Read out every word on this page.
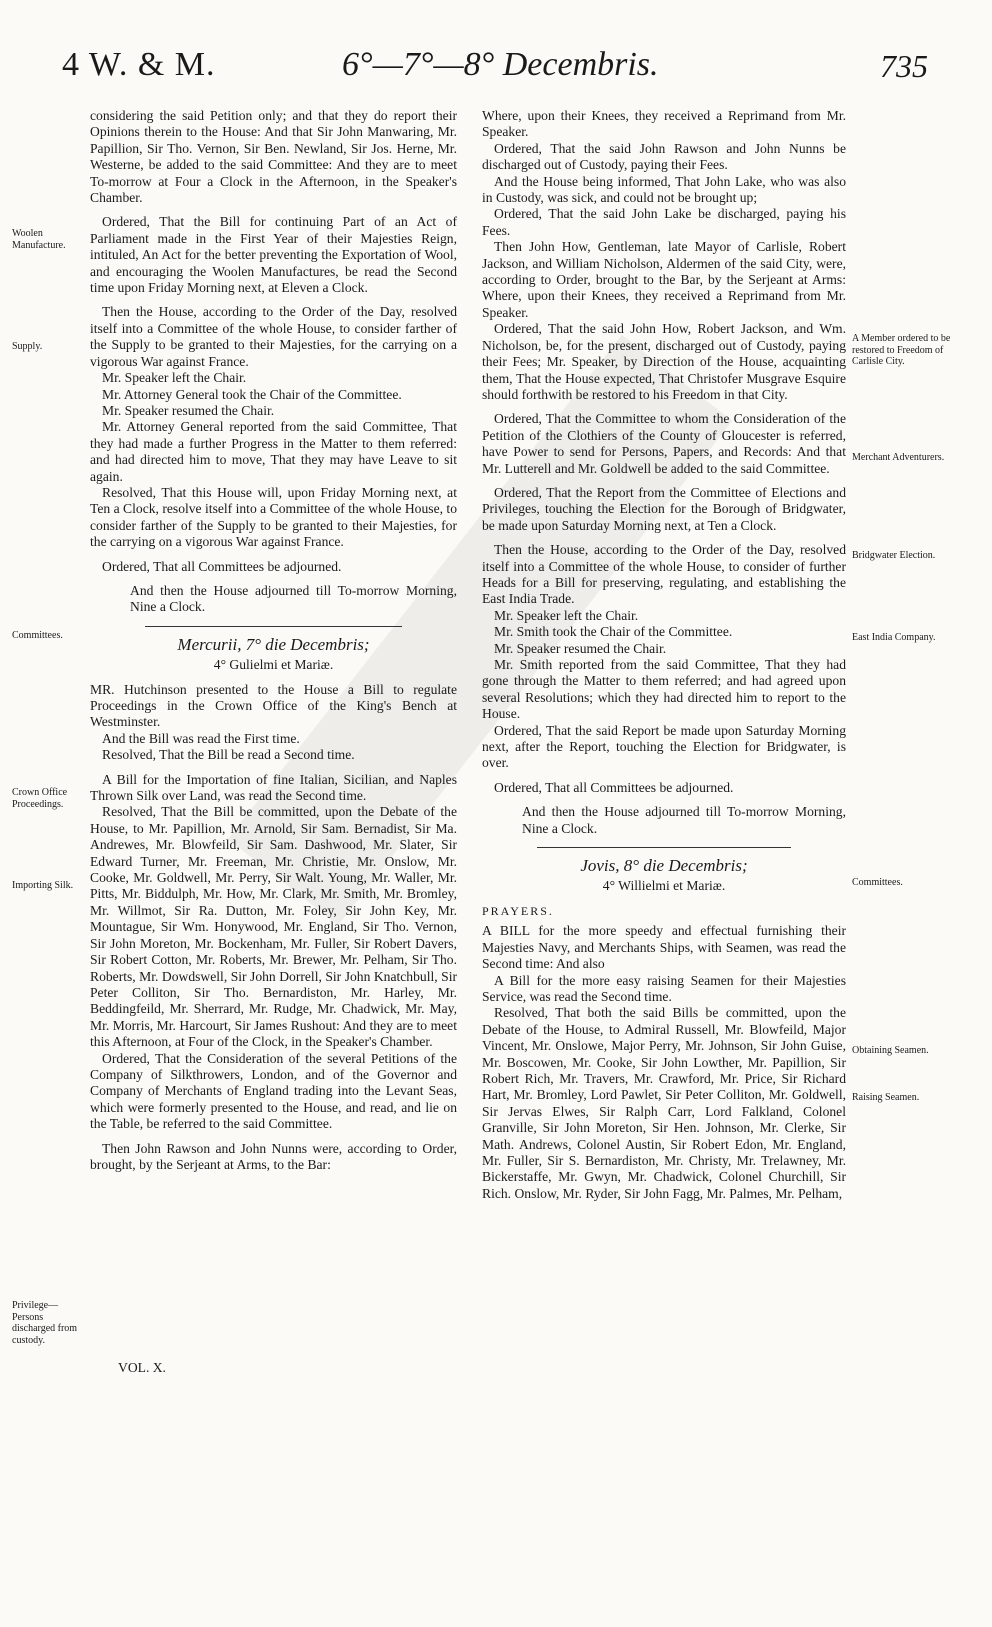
4 W. & M.	6°—7°—8° Decembris.	735
Woolen Manufacture.
Supply.
Committees.
Crown Office Proceedings.
Importing Silk.
Privilege—Persons discharged from custody.
A Member ordered to be restored to Freedom of Carlisle City.
Merchant Adventurers.
Bridgwater Election.
East India Company.
Committees.
Obtaining Seamen.
Raising Seamen.

considering the said Petition only; and that they do report their Opinions therein to the House: And that Sir John Manwaring, Mr. Papillion, Sir Tho. Vernon, Sir Ben. Newland, Sir Jos. Herne, Mr. Westerne, be added to the said Committee: And they are to meet To-morrow at Four a Clock in the Afternoon, in the Speaker's Chamber.

Ordered, That the Bill for continuing Part of an Act of Parliament made in the First Year of their Majesties Reign, intituled, An Act for the better preventing the Exportation of Wool, and encouraging the Woolen Manufactures, be read the Second time upon Friday Morning next, at Eleven a Clock.

Then the House, according to the Order of the Day, resolved itself into a Committee of the whole House, to consider farther of the Supply to be granted to their Majesties, for the carrying on a vigorous War against France.

Mr. Speaker left the Chair.

Mr. Attorney General took the Chair of the Committee.

Mr. Speaker resumed the Chair.

Mr. Attorney General reported from the said Committee, That they had made a further Progress in the Matter to them referred: and had directed him to move, That they may have Leave to sit again.

Resolved, That this House will, upon Friday Morning next, at Ten a Clock, resolve itself into a Committee of the whole House, to consider farther of the Supply to be granted to their Majesties, for the carrying on a vigorous War against France.

Ordered, That all Committees be adjourned.

And then the House adjourned till To-morrow Morning, Nine a Clock.

Mercurii, 7° die Decembris;
4° Gulielmi et Mariæ.

MR. Hutchinson presented to the House a Bill to regulate Proceedings in the Crown Office of the King's Bench at Westminster.

And the Bill was read the First time.

Resolved, That the Bill be read a Second time.

A Bill for the Importation of fine Italian, Sicilian, and Naples Thrown Silk over Land, was read the Second time.

Resolved, That the Bill be committed, upon the Debate of the House, to Mr. Papillion, Mr. Arnold, Sir Sam. Bernadist, Sir Ma. Andrewes, Mr. Blowfeild, Sir Sam. Dashwood, Mr. Slater, Sir Edward Turner, Mr. Freeman, Mr. Christie, Mr. Onslow, Mr. Cooke, Mr. Goldwell, Mr. Perry, Sir Walt. Young, Mr. Waller, Mr. Pitts, Mr. Biddulph, Mr. How, Mr. Clark, Mr. Smith, Mr. Bromley, Mr. Willmot, Sir Ra. Dutton, Mr. Foley, Sir John Key, Mr. Mountague, Sir Wm. Honywood, Mr. England, Sir Tho. Vernon, Sir John Moreton, Mr. Bockenham, Mr. Fuller, Sir Robert Davers, Sir Robert Cotton, Mr. Roberts, Mr. Brewer, Mr. Pelham, Sir Tho. Roberts, Mr. Dowdswell, Sir John Dorrell, Sir John Knatchbull, Sir Peter Colliton, Sir Tho. Bernardiston, Mr. Harley, Mr. Beddingfeild, Mr. Sherrard, Mr. Rudge, Mr. Chadwick, Mr. May, Mr. Morris, Mr. Harcourt, Sir James Rushout: And they are to meet this Afternoon, at Four of the Clock, in the Speaker's Chamber.

Ordered, That the Consideration of the several Petitions of the Company of Silkthrowers, London, and of the Governor and Company of Merchants of England trading into the Levant Seas, which were formerly presented to the House, and read, and lie on the Table, be referred to the said Committee.

Then John Rawson and John Nunns were, according to Order, brought, by the Serjeant at Arms, to the Bar:

Where, upon their Knees, they received a Reprimand from Mr. Speaker.

Ordered, That the said John Rawson and John Nunns be discharged out of Custody, paying their Fees.

And the House being informed, That John Lake, who was also in Custody, was sick, and could not be brought up;

Ordered, That the said John Lake be discharged, paying his Fees.

Then John How, Gentleman, late Mayor of Carlisle, Robert Jackson, and William Nicholson, Aldermen of the said City, were, according to Order, brought to the Bar, by the Serjeant at Arms: Where, upon their Knees, they received a Reprimand from Mr. Speaker.

Ordered, That the said John How, Robert Jackson, and Wm. Nicholson, be, for the present, discharged out of Custody, paying their Fees; Mr. Speaker, by Direction of the House, acquainting them, That the House expected, That Christofer Musgrave Esquire should forthwith be restored to his Freedom in that City.

Ordered, That the Committee to whom the Consideration of the Petition of the Clothiers of the County of Gloucester is referred, have Power to send for Persons, Papers, and Records: And that Mr. Lutterell and Mr. Goldwell be added to the said Committee.

Ordered, That the Report from the Committee of Elections and Privileges, touching the Election for the Borough of Bridgwater, be made upon Saturday Morning next, at Ten a Clock.

Then the House, according to the Order of the Day, resolved itself into a Committee of the whole House, to consider of further Heads for a Bill for preserving, regulating, and establishing the East India Trade.

Mr. Speaker left the Chair.

Mr. Smith took the Chair of the Committee.

Mr. Speaker resumed the Chair.

Mr. Smith reported from the said Committee, That they had gone through the Matter to them referred; and had agreed upon several Resolutions; which they had directed him to report to the House.

Ordered, That the said Report be made upon Saturday Morning next, after the Report, touching the Election for Bridgwater, is over.

Ordered, That all Committees be adjourned.

And then the House adjourned till To-morrow Morning, Nine a Clock.

Jovis, 8° die Decembris;
4° Willielmi et Mariæ.
PRAYERS.

A BILL for the more speedy and effectual furnishing their Majesties Navy, and Merchants Ships, with Seamen, was read the Second time: And also

A Bill for the more easy raising Seamen for their Majesties Service, was read the Second time.

Resolved, That both the said Bills be committed, upon the Debate of the House, to Admiral Russell, Mr. Blowfeild, Major Vincent, Mr. Onslowe, Major Perry, Mr. Johnson, Sir John Guise, Mr. Boscowen, Mr. Cooke, Sir John Lowther, Mr. Papillion, Sir Robert Rich, Mr. Travers, Mr. Crawford, Mr. Price, Sir Richard Hart, Mr. Bromley, Lord Pawlet, Sir Peter Colliton, Mr. Goldwell, Sir Jervas Elwes, Sir Ralph Carr, Lord Falkland, Colonel Granville, Sir John Moreton, Sir Hen. Johnson, Mr. Clerke, Sir Math. Andrews, Colonel Austin, Sir Robert Edon, Mr. England, Mr. Fuller, Sir S. Bernardiston, Mr. Christy, Mr. Trelawney, Mr. Bickerstaffe, Mr. Gwyn, Mr. Chadwick, Colonel Churchill, Sir Rich. Onslow, Mr. Ryder, Sir John Fagg, Mr. Palmes, Mr. Pelham,

VOL. X.
